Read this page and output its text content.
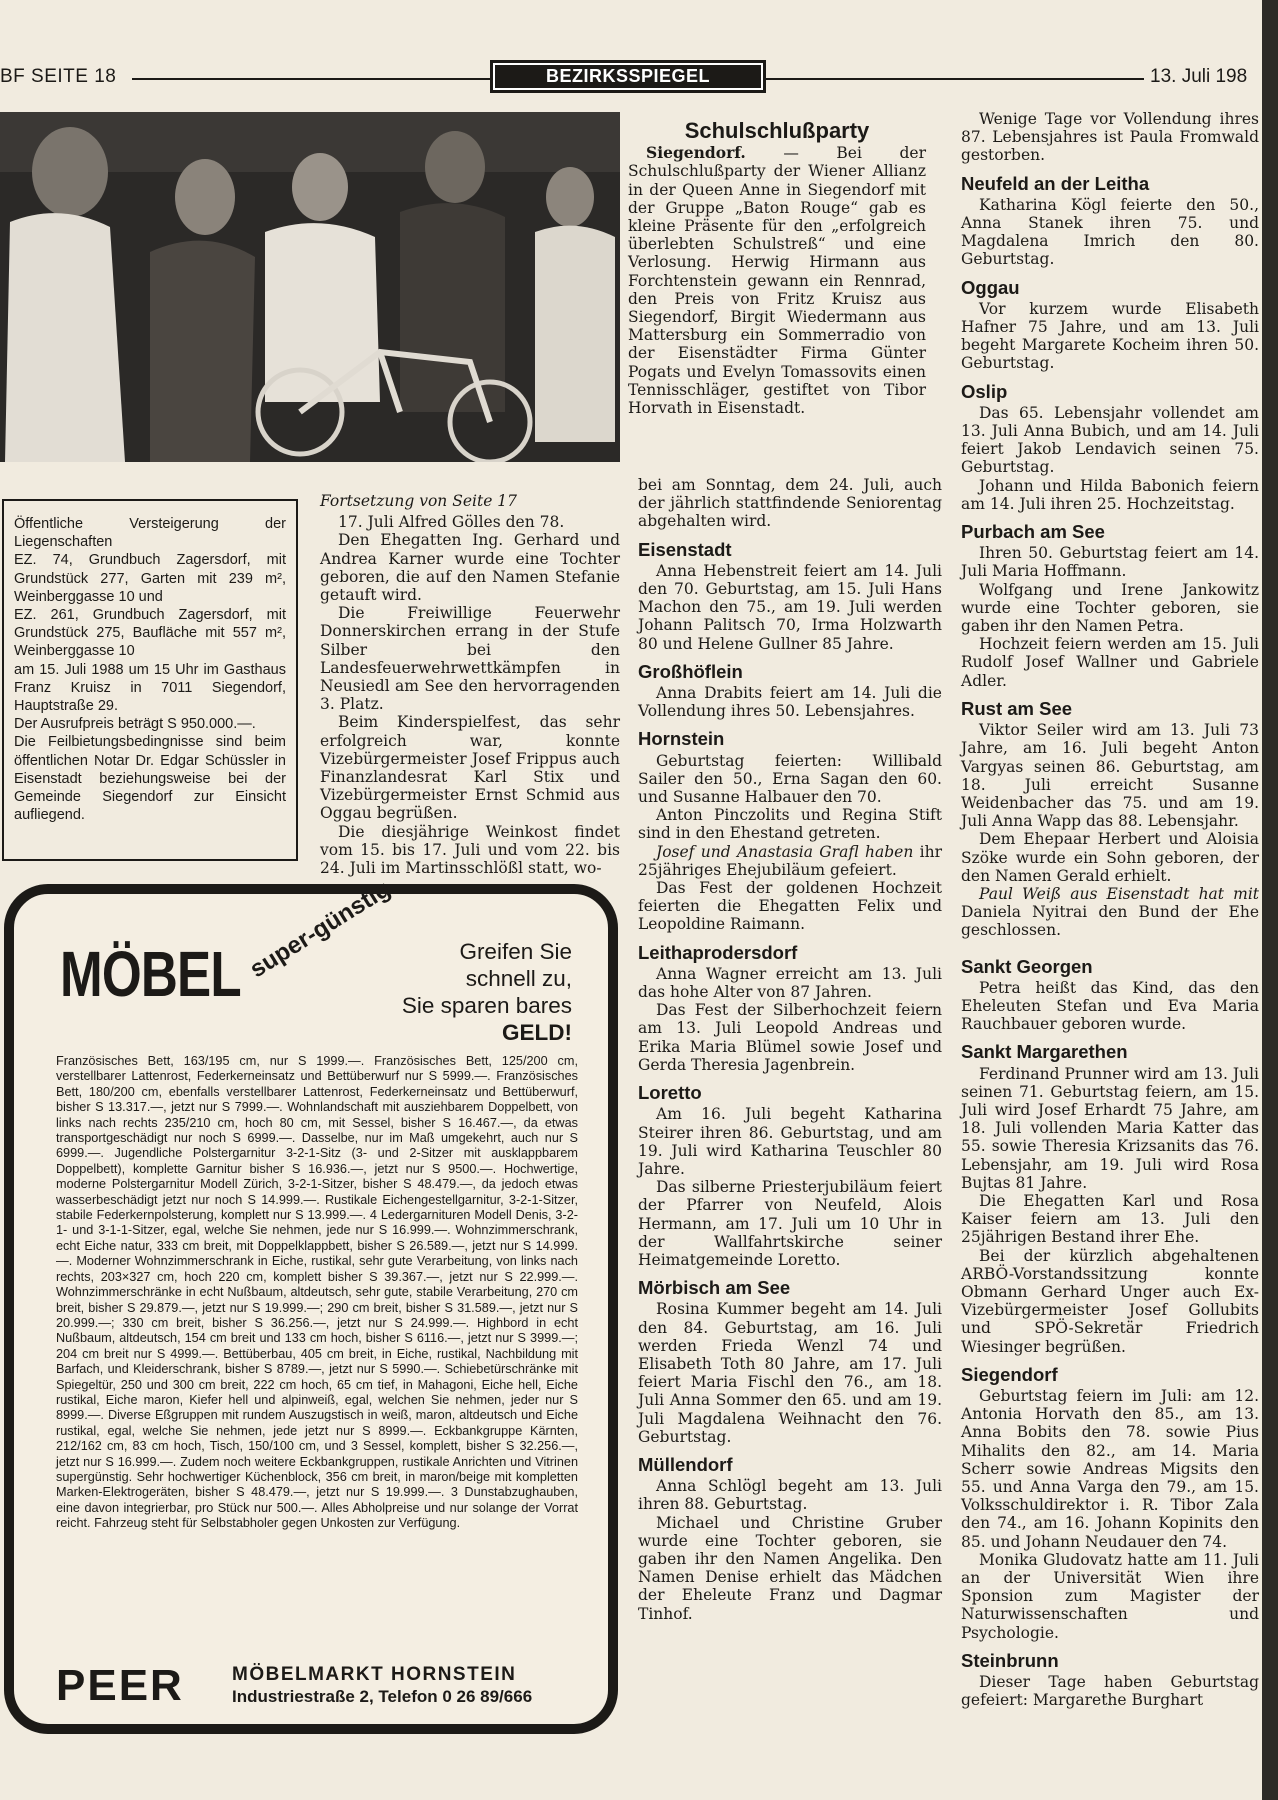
BF SEITE 18	BEZIRKSSPIEGEL	13. Juli 198
Schulschlußparty

Siegendorf. — Bei der Schulschlußparty der Wiener Allianz in der Queen Anne in Siegendorf mit der Gruppe „Baton Rouge“ gab es kleine Präsente für den „erfolgreich überlebten Schulstreß“ und eine Verlosung. Herwig Hirmann aus Forchtenstein gewann ein Rennrad, den Preis von Fritz Kruisz aus Siegendorf, Birgit Wiedermann aus Mattersburg ein Sommerradio von der Eisenstädter Firma Günter Pogats und Evelyn Tomassovits einen Tennisschläger, gestiftet von Tibor Horvath in Eisenstadt.

Öffentliche Versteigerung der Liegenschaften

EZ. 74, Grundbuch Zagersdorf, mit Grundstück 277, Garten mit 239 m², Weinberggasse 10 und

EZ. 261, Grundbuch Zagersdorf, mit Grundstück 275, Baufläche mit 557 m², Weinberggasse 10

am 15. Juli 1988 um 15 Uhr im Gasthaus Franz Kruisz in 7011 Siegendorf, Hauptstraße 29.

Der Ausrufpreis beträgt S 950.000.—.

Die Feilbietungsbedingnisse sind beim öffentlichen Notar Dr. Edgar Schüssler in Eisenstadt beziehungsweise bei der Gemeinde Siegendorf zur Einsicht aufliegend.

Fortsetzung von Seite 17

17. Juli Alfred Gölles den 78.

Den Ehegatten Ing. Gerhard und Andrea Karner wurde eine Tochter geboren, die auf den Namen Stefanie getauft wird.

Die Freiwillige Feuerwehr Donnerskirchen errang in der Stufe Silber bei den Landesfeuerwehrwettkämpfen in Neusiedl am See den hervorragenden 3. Platz.

Beim Kinderspielfest, das sehr erfolgreich war, konnte Vizebürgermeister Josef Frippus auch Finanzlandesrat Karl Stix und Vizebürgermeister Ernst Schmid aus Oggau begrüßen.

Die diesjährige Weinkost findet vom 15. bis 17. Juli und vom 22. bis 24. Juli im Martinsschlößl statt, wo-

MÖBEL super-günstig	Greifen Sie
schnell zu,
Sie sparen bares
GELD!
Französisches Bett, 163/195 cm, nur S 1999.—. Französisches Bett, 125/200 cm, verstellbarer Lattenrost, Federkerneinsatz und Bettüberwurf nur S 5999.—. Französisches Bett, 180/200 cm, ebenfalls verstellbarer Lattenrost, Federkerneinsatz und Bettüberwurf, bisher S 13.317.—, jetzt nur S 7999.—. Wohnlandschaft mit ausziehbarem Doppelbett, von links nach rechts 235/210 cm, hoch 80 cm, mit Sessel, bisher S 16.467.—, da etwas transportgeschädigt nur noch S 6999.—. Dasselbe, nur im Maß umgekehrt, auch nur S 6999.—. Jugendliche Polstergarnitur 3-2-1-Sitz (3- und 2-Sitzer mit ausklappbarem Doppelbett), komplette Garnitur bisher S 16.936.—, jetzt nur S 9500.—. Hochwertige, moderne Polstergarnitur Modell Zürich, 3-2-1-Sitzer, bisher S 48.479.—, da jedoch etwas wasserbeschädigt jetzt nur noch S 14.999.—. Rustikale Eichengestellgarnitur, 3-2-1-Sitzer, stabile Federkernpolsterung, komplett nur S 13.999.—. 4 Ledergarnituren Modell Denis, 3-2-1- und 3-1-1-Sitzer, egal, welche Sie nehmen, jede nur S 16.999.—. Wohnzimmerschrank, echt Eiche natur, 333 cm breit, mit Doppelklappbett, bisher S 26.589.—, jetzt nur S 14.999.—. Moderner Wohnzimmerschrank in Eiche, rustikal, sehr gute Verarbeitung, von links nach rechts, 203×327 cm, hoch 220 cm, komplett bisher S 39.367.—, jetzt nur S 22.999.—. Wohnzimmerschränke in echt Nußbaum, altdeutsch, sehr gute, stabile Verarbeitung, 270 cm breit, bisher S 29.879.—, jetzt nur S 19.999.—; 290 cm breit, bisher S 31.589.—, jetzt nur S 20.999.—; 330 cm breit, bisher S 36.256.—, jetzt nur S 24.999.—. Highbord in echt Nußbaum, altdeutsch, 154 cm breit und 133 cm hoch, bisher S 6116.—, jetzt nur S 3999.—; 204 cm breit nur S 4999.—. Bettüberbau, 405 cm breit, in Eiche, rustikal, Nachbildung mit Barfach, und Kleiderschrank, bisher S 8789.—, jetzt nur S 5990.—. Schiebetürschränke mit Spiegeltür, 250 und 300 cm breit, 222 cm hoch, 65 cm tief, in Mahagoni, Eiche hell, Eiche rustikal, Eiche maron, Kiefer hell und alpinweiß, egal, welchen Sie nehmen, jeder nur S 8999.—. Diverse Eßgruppen mit rundem Auszugstisch in weiß, maron, altdeutsch und Eiche rustikal, egal, welche Sie nehmen, jede jetzt nur S 8999.—. Eckbankgruppe Kärnten, 212/162 cm, 83 cm hoch, Tisch, 150/100 cm, und 3 Sessel, komplett, bisher S 32.256.—, jetzt nur S 16.999.—. Zudem noch weitere Eckbankgruppen, rustikale Anrichten und Vitrinen supergünstig. Sehr hochwertiger Küchenblock, 356 cm breit, in maron/beige mit kompletten Marken-Elektrogeräten, bisher S 48.479.—, jetzt nur S 19.999.—. 3 Dunstabzughauben, eine davon integrierbar, pro Stück nur 500.—. Alles Abholpreise und nur solange der Vorrat reicht. Fahrzeug steht für Selbstabholer gegen Unkosten zur Verfügung.
PEER	MÖBELMARKT HORNSTEIN
Industriestraße 2, Telefon 0 26 89/666

bei am Sonntag, dem 24. Juli, auch der jährlich stattfindende Seniorentag abgehalten wird.

Eisenstadt

Anna Hebenstreit feiert am 14. Juli den 70. Geburtstag, am 15. Juli Hans Machon den 75., am 19. Juli werden Johann Palitsch 70, Irma Holzwarth 80 und Helene Gullner 85 Jahre.

Großhöflein

Anna Drabits feiert am 14. Juli die Vollendung ihres 50. Lebensjahres.

Hornstein

Geburtstag feierten: Willibald Sailer den 50., Erna Sagan den 60. und Susanne Halbauer den 70.

Anton Pinczolits und Regina Stift sind in den Ehestand getreten.

Josef und Anastasia Grafl haben ihr 25jähriges Ehejubiläum gefeiert.

Das Fest der goldenen Hochzeit feierten die Ehegatten Felix und Leopoldine Raimann.

Leithaprodersdorf

Anna Wagner erreicht am 13. Juli das hohe Alter von 87 Jahren.

Das Fest der Silberhochzeit feiern am 13. Juli Leopold Andreas und Erika Maria Blümel sowie Josef und Gerda Theresia Jagenbrein.

Loretto

Am 16. Juli begeht Katharina Steirer ihren 86. Geburtstag, und am 19. Juli wird Katharina Teuschler 80 Jahre.

Das silberne Priesterjubiläum feiert der Pfarrer von Neufeld, Alois Hermann, am 17. Juli um 10 Uhr in der Wallfahrtskirche seiner Heimatgemeinde Loretto.

Mörbisch am See

Rosina Kummer begeht am 14. Juli den 84. Geburtstag, am 16. Juli werden Frieda Wenzl 74 und Elisabeth Toth 80 Jahre, am 17. Juli feiert Maria Fischl den 76., am 18. Juli Anna Sommer den 65. und am 19. Juli Magdalena Weihnacht den 76. Geburtstag.

Müllendorf

Anna Schlögl begeht am 13. Juli ihren 88. Geburtstag.

Michael und Christine Gruber wurde eine Tochter geboren, sie gaben ihr den Namen Angelika. Den Namen Denise erhielt das Mädchen der Eheleute Franz und Dagmar Tinhof.

Wenige Tage vor Vollendung ihres 87. Lebensjahres ist Paula Fromwald gestorben.

Neufeld an der Leitha

Katharina Kögl feierte den 50., Anna Stanek ihren 75. und Magdalena Imrich den 80. Geburtstag.

Oggau

Vor kurzem wurde Elisabeth Hafner 75 Jahre, und am 13. Juli begeht Margarete Kocheim ihren 50. Geburtstag.

Oslip

Das 65. Lebensjahr vollendet am 13. Juli Anna Bubich, und am 14. Juli feiert Jakob Lendavich seinen 75. Geburtstag.

Johann und Hilda Babonich feiern am 14. Juli ihren 25. Hochzeitstag.

Purbach am See

Ihren 50. Geburtstag feiert am 14. Juli Maria Hoffmann.

Wolfgang und Irene Jankowitz wurde eine Tochter geboren, sie gaben ihr den Namen Petra.

Hochzeit feiern werden am 15. Juli Rudolf Josef Wallner und Gabriele Adler.

Rust am See

Viktor Seiler wird am 13. Juli 73 Jahre, am 16. Juli begeht Anton Vargyas seinen 86. Geburtstag, am 18. Juli erreicht Susanne Weidenbacher das 75. und am 19. Juli Anna Wapp das 88. Lebensjahr.

Dem Ehepaar Herbert und Aloisia Szöke wurde ein Sohn geboren, der den Namen Gerald erhielt.

Paul Weiß aus Eisenstadt hat mit Daniela Nyitrai den Bund der Ehe geschlossen.

Sankt Georgen

Petra heißt das Kind, das den Eheleuten Stefan und Eva Maria Rauchbauer geboren wurde.

Sankt Margarethen

Ferdinand Prunner wird am 13. Juli seinen 71. Geburtstag feiern, am 15. Juli wird Josef Erhardt 75 Jahre, am 18. Juli vollenden Maria Katter das 55. sowie Theresia Krizsanits das 76. Lebensjahr, am 19. Juli wird Rosa Bujtas 81 Jahre.

Die Ehegatten Karl und Rosa Kaiser feiern am 13. Juli den 25jährigen Bestand ihrer Ehe.

Bei der kürzlich abgehaltenen ARBÖ-Vorstandssitzung konnte Obmann Gerhard Unger auch Ex-Vizebürgermeister Josef Gollubits und SPÖ-Sekretär Friedrich Wiesinger begrüßen.

Siegendorf

Geburtstag feiern im Juli: am 12. Antonia Horvath den 85., am 13. Anna Bobits den 78. sowie Pius Mihalits den 82., am 14. Maria Scherr sowie Andreas Migsits den 55. und Anna Varga den 79., am 15. Volksschuldirektor i. R. Tibor Zala den 74., am 16. Johann Kopinits den 85. und Johann Neudauer den 74.

Monika Gludovatz hatte am 11. Juli an der Universität Wien ihre Sponsion zum Magister der Naturwissenschaften und Psychologie.

Steinbrunn

Dieser Tage haben Geburtstag gefeiert: Margarethe Burghart
